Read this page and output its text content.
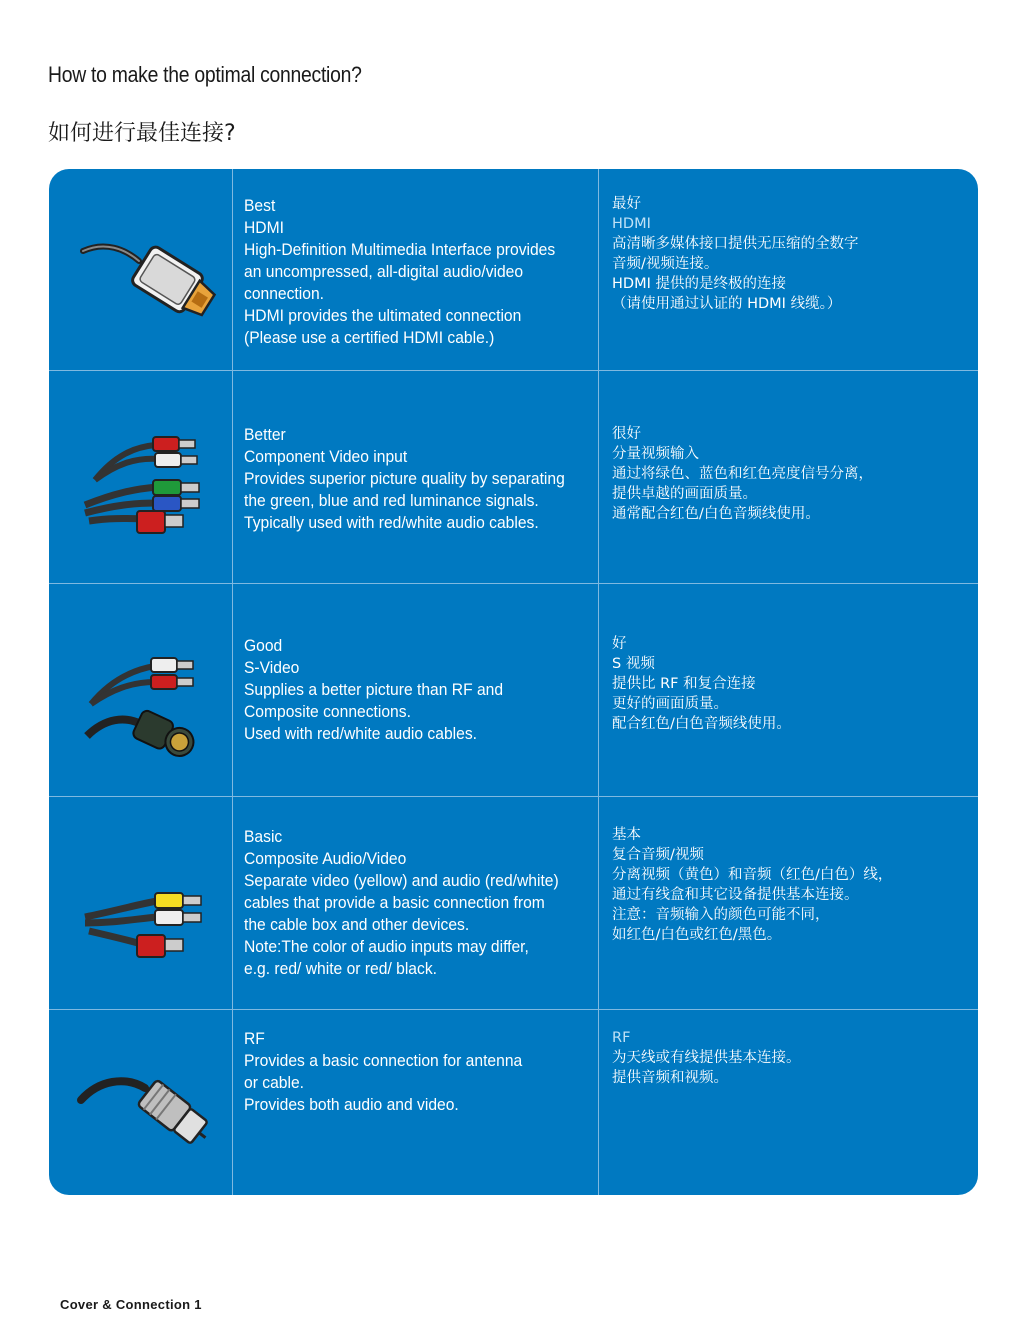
How to make the optimal connection?
如何进行最佳连接?
Best
HDMI
High-Definition Multimedia Interface provides
an uncompressed, all-digital audio/video
connection.
HDMI provides the ultimated connection
(Please use a certified HDMI cable.)
最好
HDMI
高清晰多媒体接口提供无压缩的全数字
音频/视频连接。
HDMI 提供的是终极的连接
（请使用通过认证的 HDMI 线缆。）
Better
Component Video input
Provides superior picture quality by separating
the green, blue and red luminance signals.
Typically used with red/white audio cables.
很好
分量视频输入
通过将绿色、蓝色和红色亮度信号分离，
提供卓越的画面质量。
通常配合红色/白色音频线使用。
Good
S-Video
Supplies a better picture than RF and
Composite connections.
Used with red/white audio cables.
好
S 视频
提供比 RF 和复合连接
更好的画面质量。
配合红色/白色音频线使用。
Basic
Composite Audio/Video
Separate video (yellow) and audio (red/white)
cables that provide a basic connection from
the cable box and other devices.
Note:The color of audio inputs may differ,
e.g. red/ white or red/ black.
基本
复合音频/视频
分离视频（黄色）和音频（红色/白色）线，
通过有线盒和其它设备提供基本连接。
注意：音频输入的颜色可能不同，
如红色/白色或红色/黑色。
RF
Provides a basic connection for antenna
or cable.
Provides both audio and video.
RF
为天线或有线提供基本连接。
提供音频和视频。
Cover & Connection 1
